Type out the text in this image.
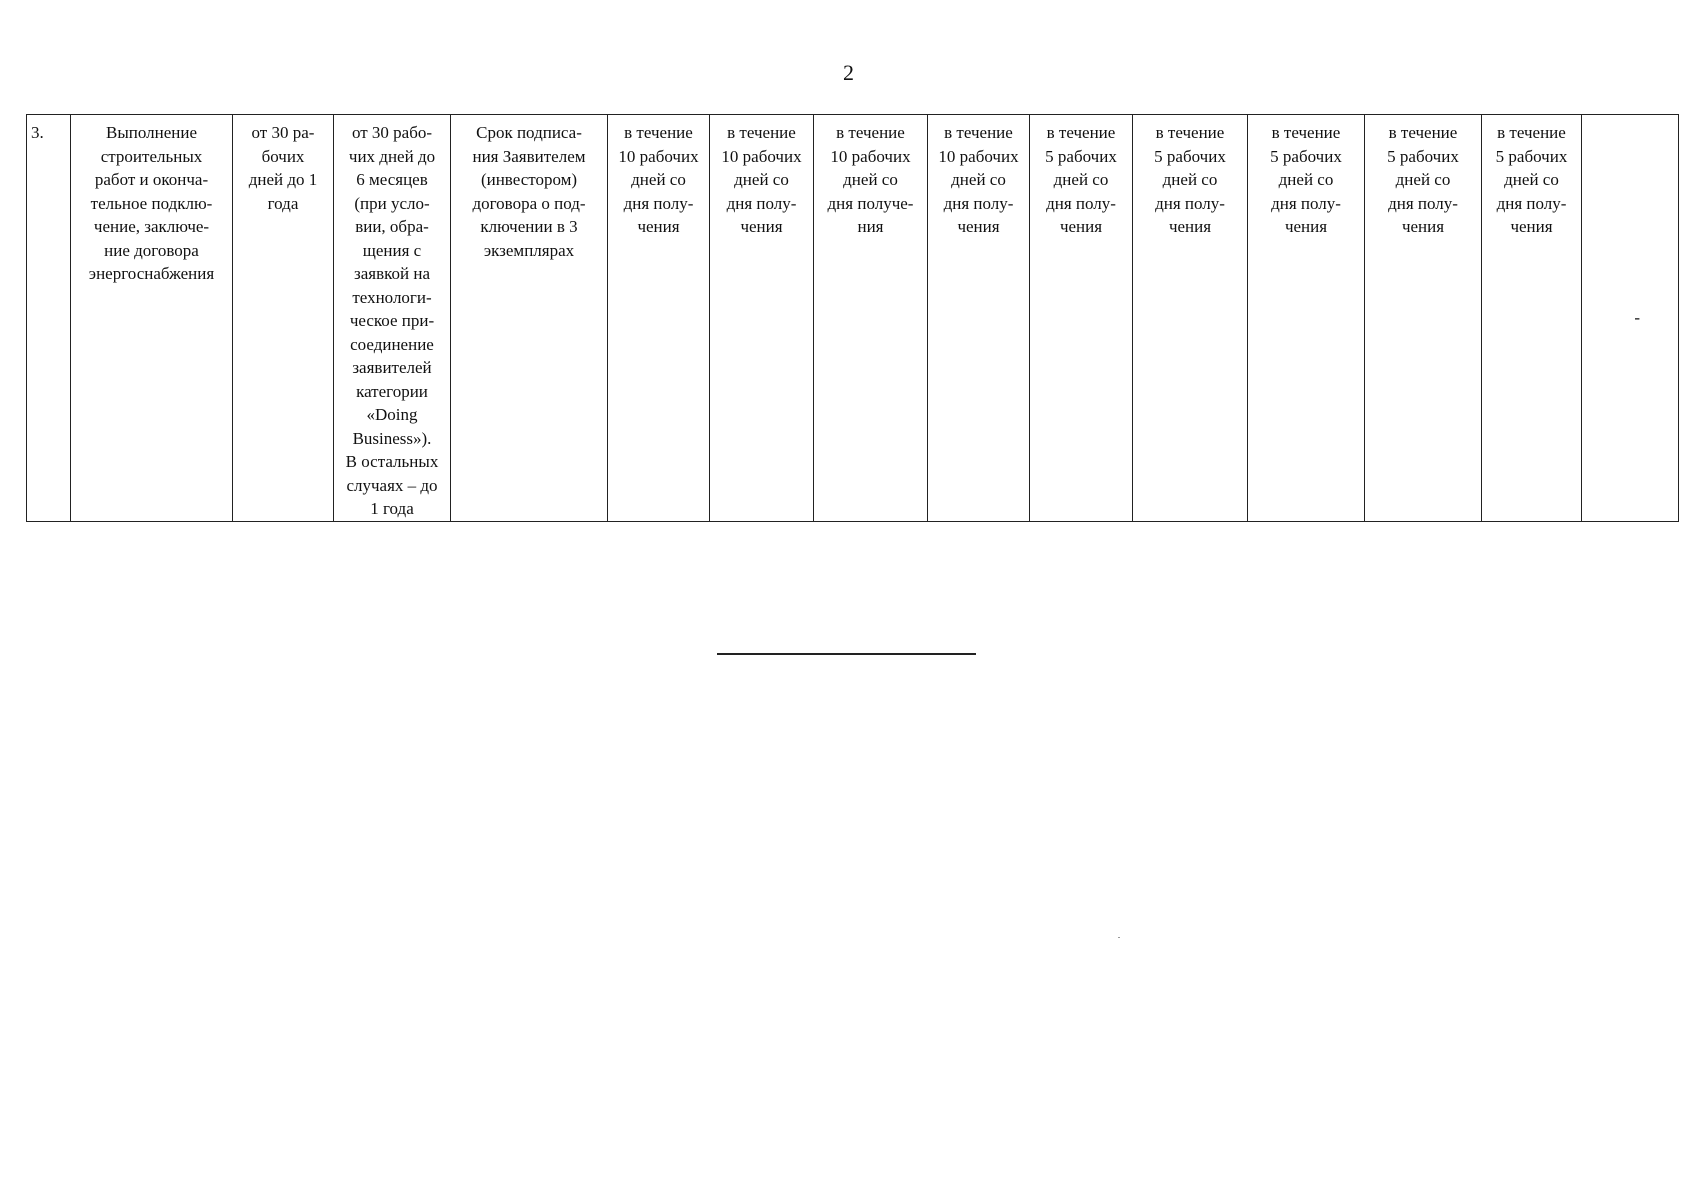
2
3.	Выполнение
строительных
работ и оконча-
тельное подклю-
чение, заключе-
ние договора
энергоснабжения	от 30 ра-
бочих
дней до 1
года	от 30 рабо-
чих дней до
6 месяцев
(при усло-
вии, обра-
щения с
заявкой на
технологи-
ческое при-
соединение
заявителей
категории
«Doing
Business»).
В остальных
случаях – до
1 года	Срок подписа-
ния Заявителем
(инвестором)
договора о под-
ключении в 3
экземплярах	в течение
10 рабочих
дней со
дня полу-
чения	в течение
10 рабочих
дней со
дня полу-
чения	в течение
10 рабочих
дней со
дня получе-
ния	в течение
10 рабочих
дней со
дня полу-
чения	в течение
5 рабочих
дней со
дня полу-
чения	в течение
5 рабочих
дней со
дня полу-
чения	в течение
5 рабочих
дней со
дня полу-
чения	в течение
5 рабочих
дней со
дня полу-
чения	в течение
5 рабочих
дней со
дня полу-
чения	-
